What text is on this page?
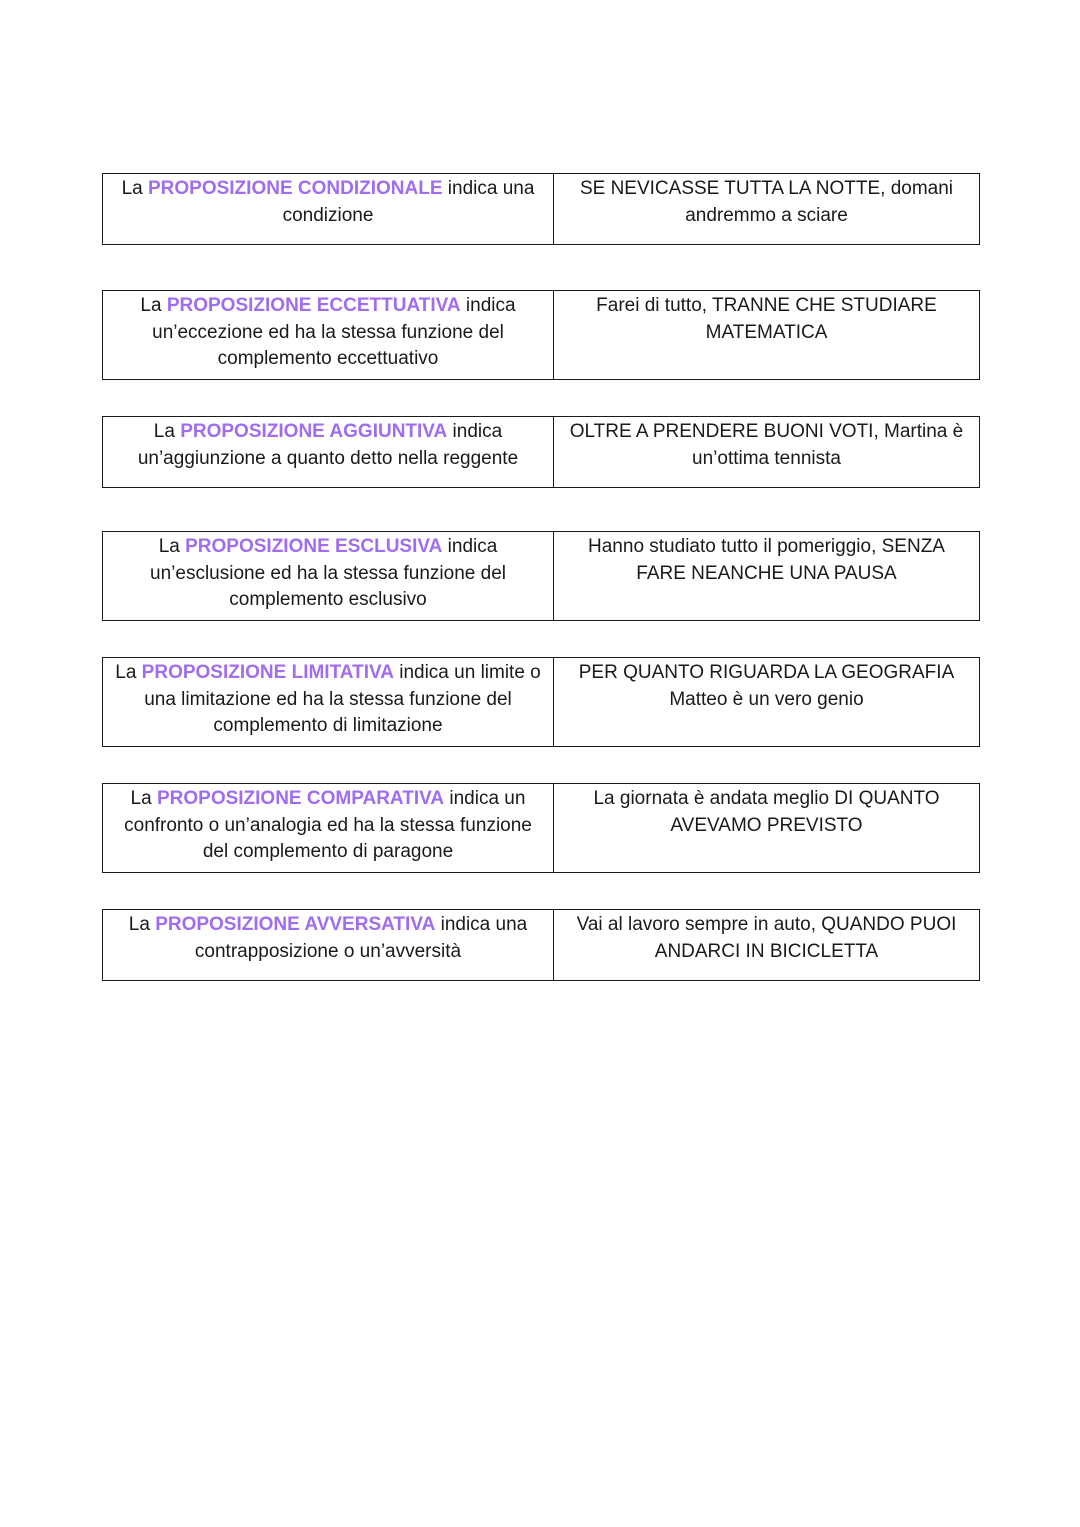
La PROPOSIZIONE CONDIZIONALE indica una condizione	SE NEVICASSE TUTTA LA NOTTE, domani andremmo a sciare
La PROPOSIZIONE ECCETTUATIVA indica un’eccezione ed ha la stessa funzione del complemento eccettuativo	Farei di tutto, TRANNE CHE STUDIARE MATEMATICA
La PROPOSIZIONE AGGIUNTIVA indica un’aggiunzione a quanto detto nella reggente	OLTRE A PRENDERE BUONI VOTI, Martina è un’ottima tennista
La PROPOSIZIONE ESCLUSIVA indica un’esclusione ed ha la stessa funzione del complemento esclusivo	Hanno studiato tutto il pomeriggio, SENZA FARE NEANCHE UNA PAUSA
La PROPOSIZIONE LIMITATIVA indica un limite o una limitazione ed ha la stessa funzione del complemento di limitazione	PER QUANTO RIGUARDA LA GEOGRAFIA Matteo è un vero genio
La PROPOSIZIONE COMPARATIVA indica un confronto o un’analogia ed ha la stessa funzione del complemento di paragone	La giornata è andata meglio DI QUANTO AVEVAMO PREVISTO
La PROPOSIZIONE AVVERSATIVA indica una contrapposizione o un’avversità	Vai al lavoro sempre in auto, QUANDO PUOI ANDARCI IN BICICLETTA
